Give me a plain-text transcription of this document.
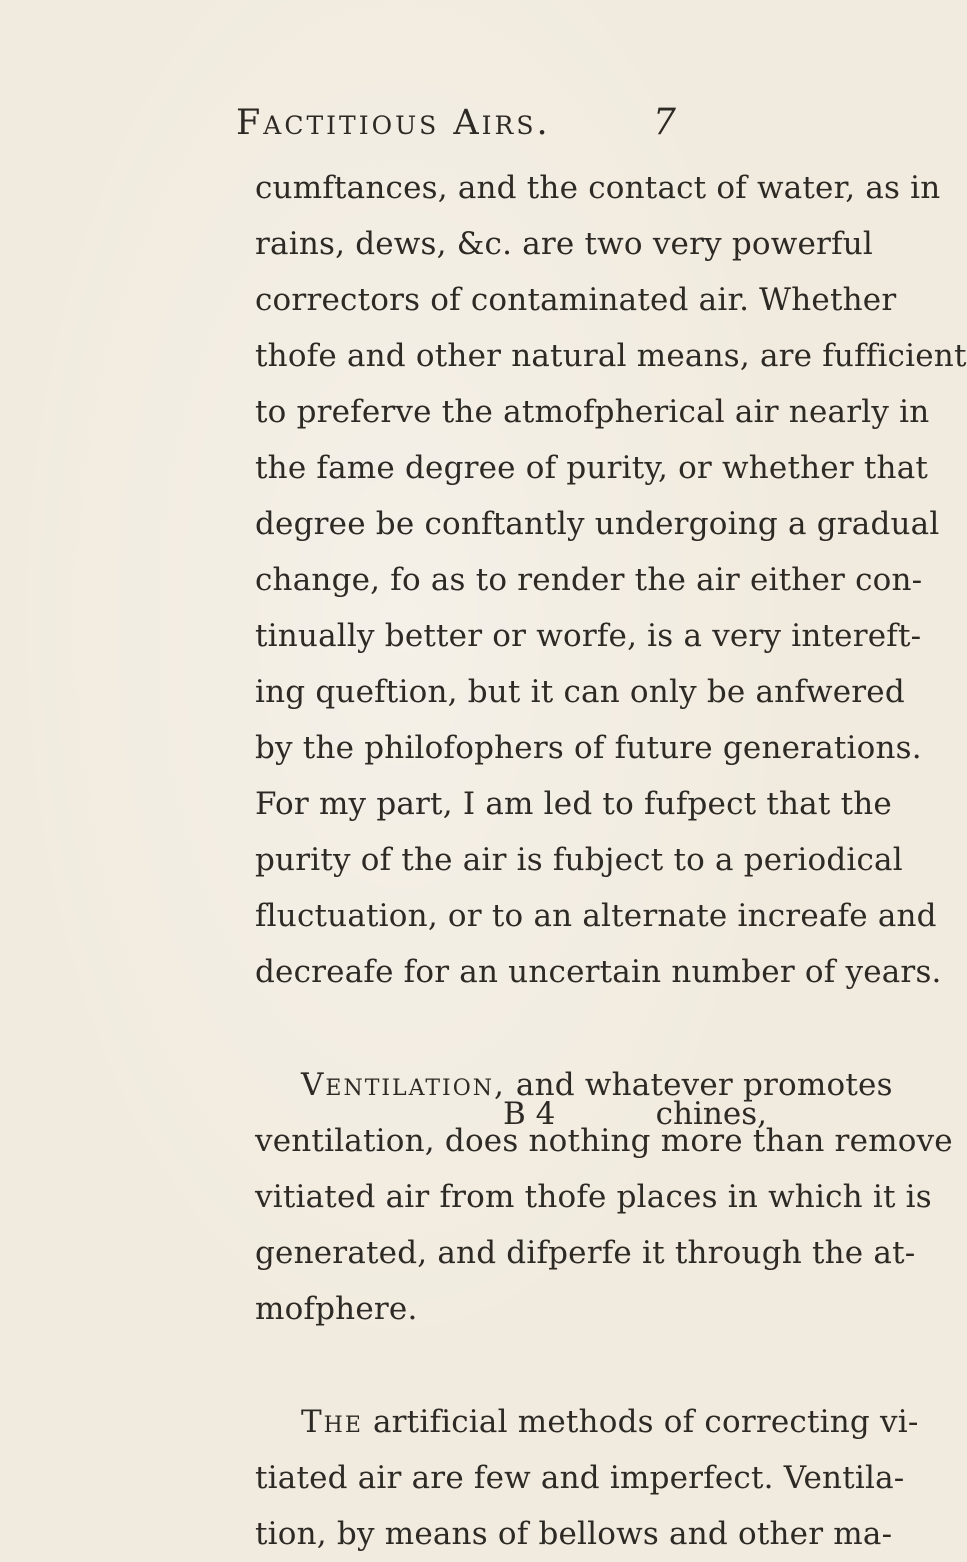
Factitious Airs.	7
cumftances, and the contact of water, as in
rains, dews, &c. are two very powerful
correctors of contaminated air. Whether
thofe and other natural means, are fufficient
to preferve the atmofpherical air nearly in
the fame degree of purity, or whether that
degree be conftantly undergoing a gradual
change, fo as to render the air either con-
tinually better or worfe, is a very intereft-
ing queftion, but it can only be anfwered
by the philofophers of future generations.
For my part, I am led to fufpect that the
purity of the air is fubject to a periodical
fluctuation, or to an alternate increafe and
decreafe for an uncertain number of years.
Ventilation, and whatever promotes
ventilation, does nothing more than remove
vitiated air from thofe places in which it is
generated, and difperfe it through the at-
mofphere.
The artificial methods of correcting vi-
tiated air are few and imperfect. Ventila-
tion, by means of bellows and other ma-
B 4	chines,
